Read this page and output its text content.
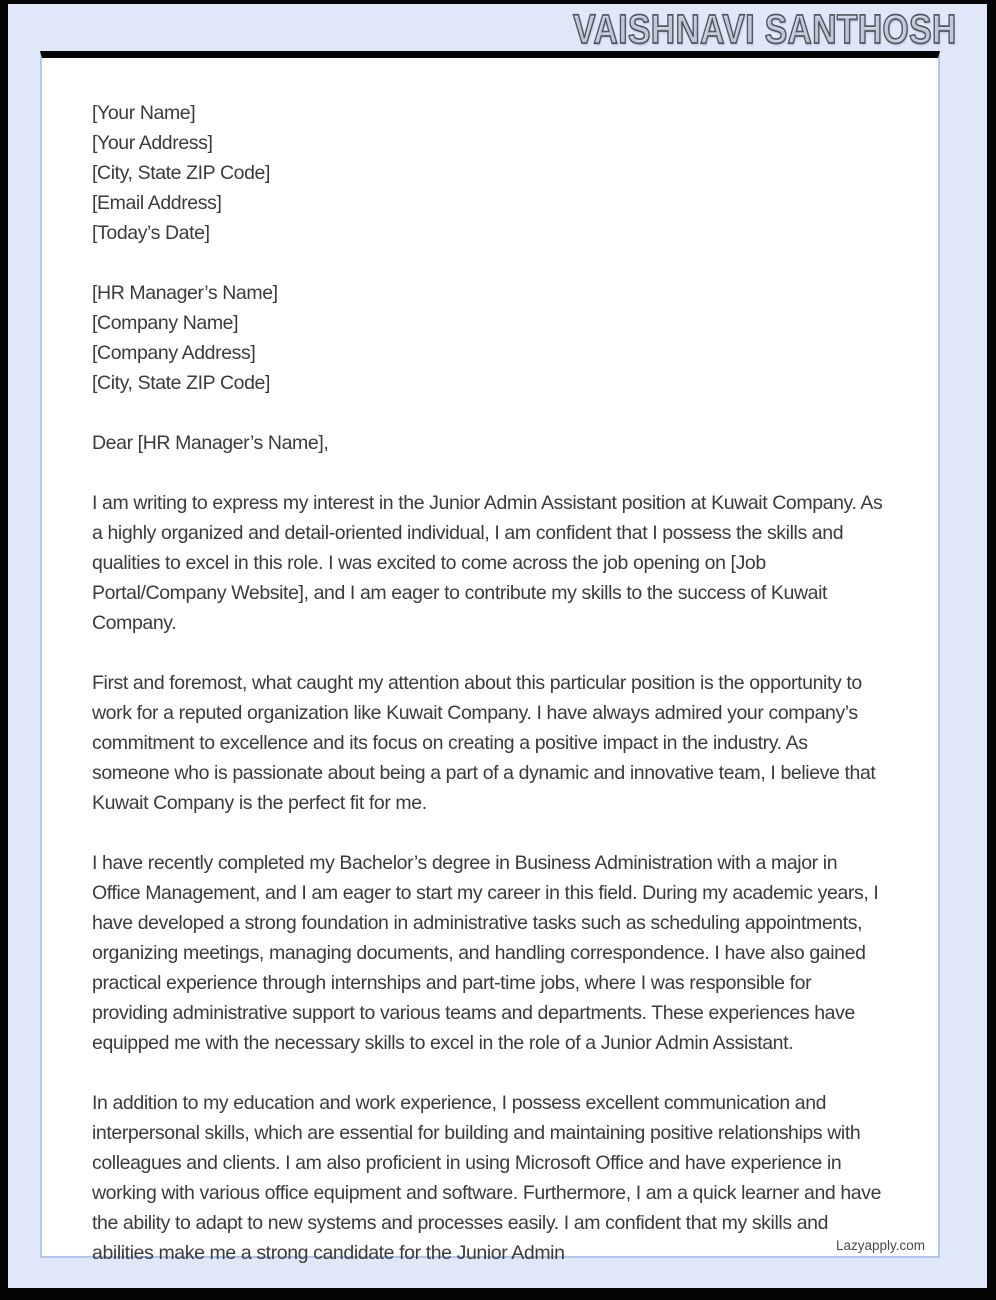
VAISHNAVI SANTHOSH
[Your Name]
[Your Address]
[City, State ZIP Code]
[Email Address]
[Today’s Date]
[HR Manager’s Name]
[Company Name]
[Company Address]
[City, State ZIP Code]

Dear [HR Manager’s Name],

I am writing to express my interest in the Junior Admin Assistant position at Kuwait Company. As a highly organized and detail-oriented individual, I am confident that I possess the skills and qualities to excel in this role. I was excited to come across the job opening on [Job Portal/Company Website], and I am eager to contribute my skills to the success of Kuwait Company.

First and foremost, what caught my attention about this particular position is the opportunity to work for a reputed organization like Kuwait Company. I have always admired your company’s commitment to excellence and its focus on creating a positive impact in the industry. As someone who is passionate about being a part of a dynamic and innovative team, I believe that Kuwait Company is the perfect fit for me.

I have recently completed my Bachelor’s degree in Business Administration with a major in Office Management, and I am eager to start my career in this field. During my academic years, I have developed a strong foundation in administrative tasks such as scheduling appointments, organizing meetings, managing documents, and handling correspondence. I have also gained practical experience through internships and part-time jobs, where I was responsible for providing administrative support to various teams and departments. These experiences have equipped me with the necessary skills to excel in the role of a Junior Admin Assistant.

In addition to my education and work experience, I possess excellent communication and interpersonal skills, which are essential for building and maintaining positive relationships with colleagues and clients. I am also proficient in using Microsoft Office and have experience in working with various office equipment and software. Furthermore, I am a quick learner and have the ability to adapt to new systems and processes easily. I am confident that my skills and abilities make me a strong candidate for the Junior Admin	Lazyapply.com
